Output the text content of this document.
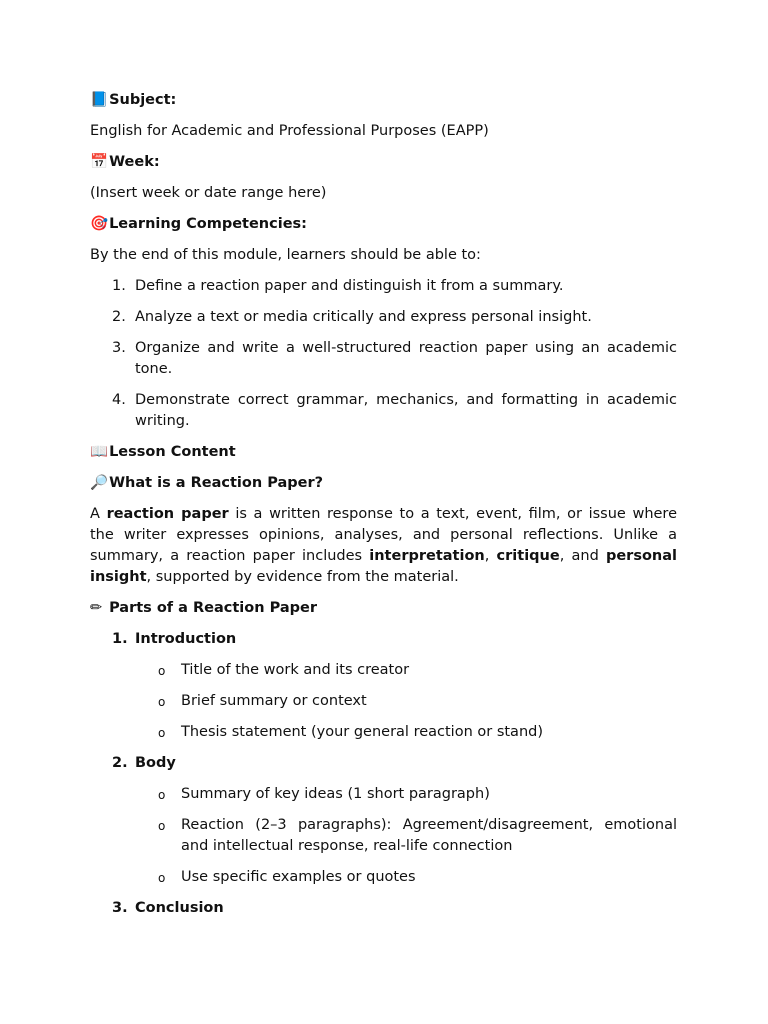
📘 Subject:

English for Academic and Professional Purposes (EAPP)

📅 Week:

(Insert week or date range here)

🎯 Learning Competencies:

By the end of this module, learners should be able to:

1. Define a reaction paper and distinguish it from a summary.
2. Analyze a text or media critically and express personal insight.
3. Organize and write a well-structured reaction paper using an academic tone.
4. Demonstrate correct grammar, mechanics, and formatting in academic writing.

📖 Lesson Content

🔎 What is a Reaction Paper?

A reaction paper is a written response to a text, event, film, or issue where the writer expresses opinions, analyses, and personal reflections. Unlike a summary, a reaction paper includes interpretation, critique, and personal insight, supported by evidence from the material.

✏ Parts of a Reaction Paper

1. Introduction
o Title of the work and its creator
o Brief summary or context
o Thesis statement (your general reaction or stand)
2. Body
o Summary of key ideas (1 short paragraph)
o Reaction (2–3 paragraphs): Agreement/disagreement, emotional and intellectual response, real-life connection
o Use specific examples or quotes
3. Conclusion
